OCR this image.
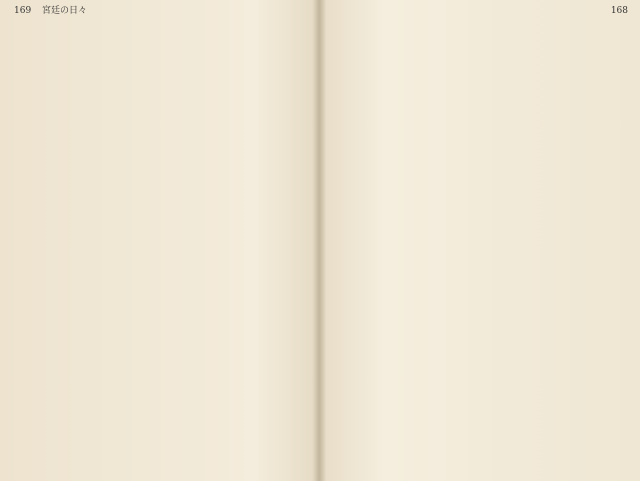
169 宮廷の日々	168
